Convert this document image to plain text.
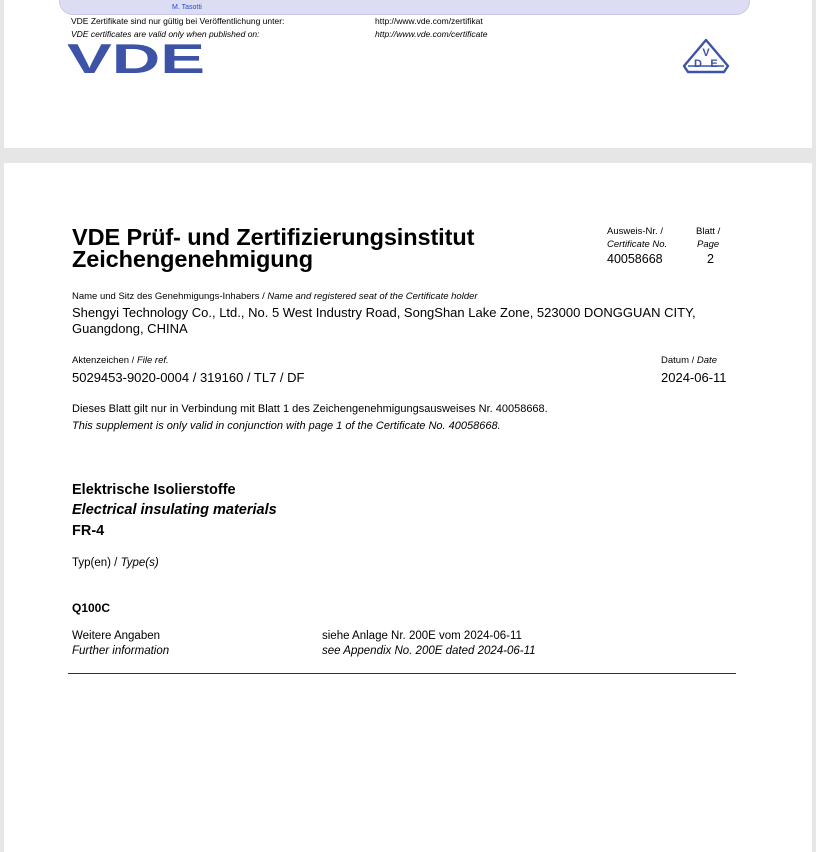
M. Tasotti
VDE Zertifikate sind nur gültig bei Veröffentlichung unter:
VDE certificates are valid only when published on:
http://www.vde.com/zertifikat
http://www.vde.com/certificate
VDE	V
D E
VDE Prüf- und Zertifizierungsinstitut
Zeichengenehmigung
Ausweis-Nr. /
Certificate No.
40058668
Blatt /
Page
2
Name und Sitz des Genehmigungs-Inhabers / Name and registered seat of the Certificate holder
Shengyi Technology Co., Ltd., No. 5 West Industry Road, SongShan Lake Zone, 523000 DONGGUAN CITY,
Guangdong, CHINA
Aktenzeichen / File ref.
5029453-9020-0004 / 319160 / TL7 / DF
Datum / Date
2024-06-11
Dieses Blatt gilt nur in Verbindung mit Blatt 1 des Zeichengenehmigungsausweises Nr. 40058668.
This supplement is only valid in conjunction with page 1 of the Certificate No. 40058668.
Elektrische Isolierstoffe
Electrical insulating materials
FR-4
Typ(en) / Type(s)
Q100C
Weitere Angaben
Further information
siehe Anlage Nr. 200E vom 2024-06-11
see Appendix No. 200E dated 2024-06-11
